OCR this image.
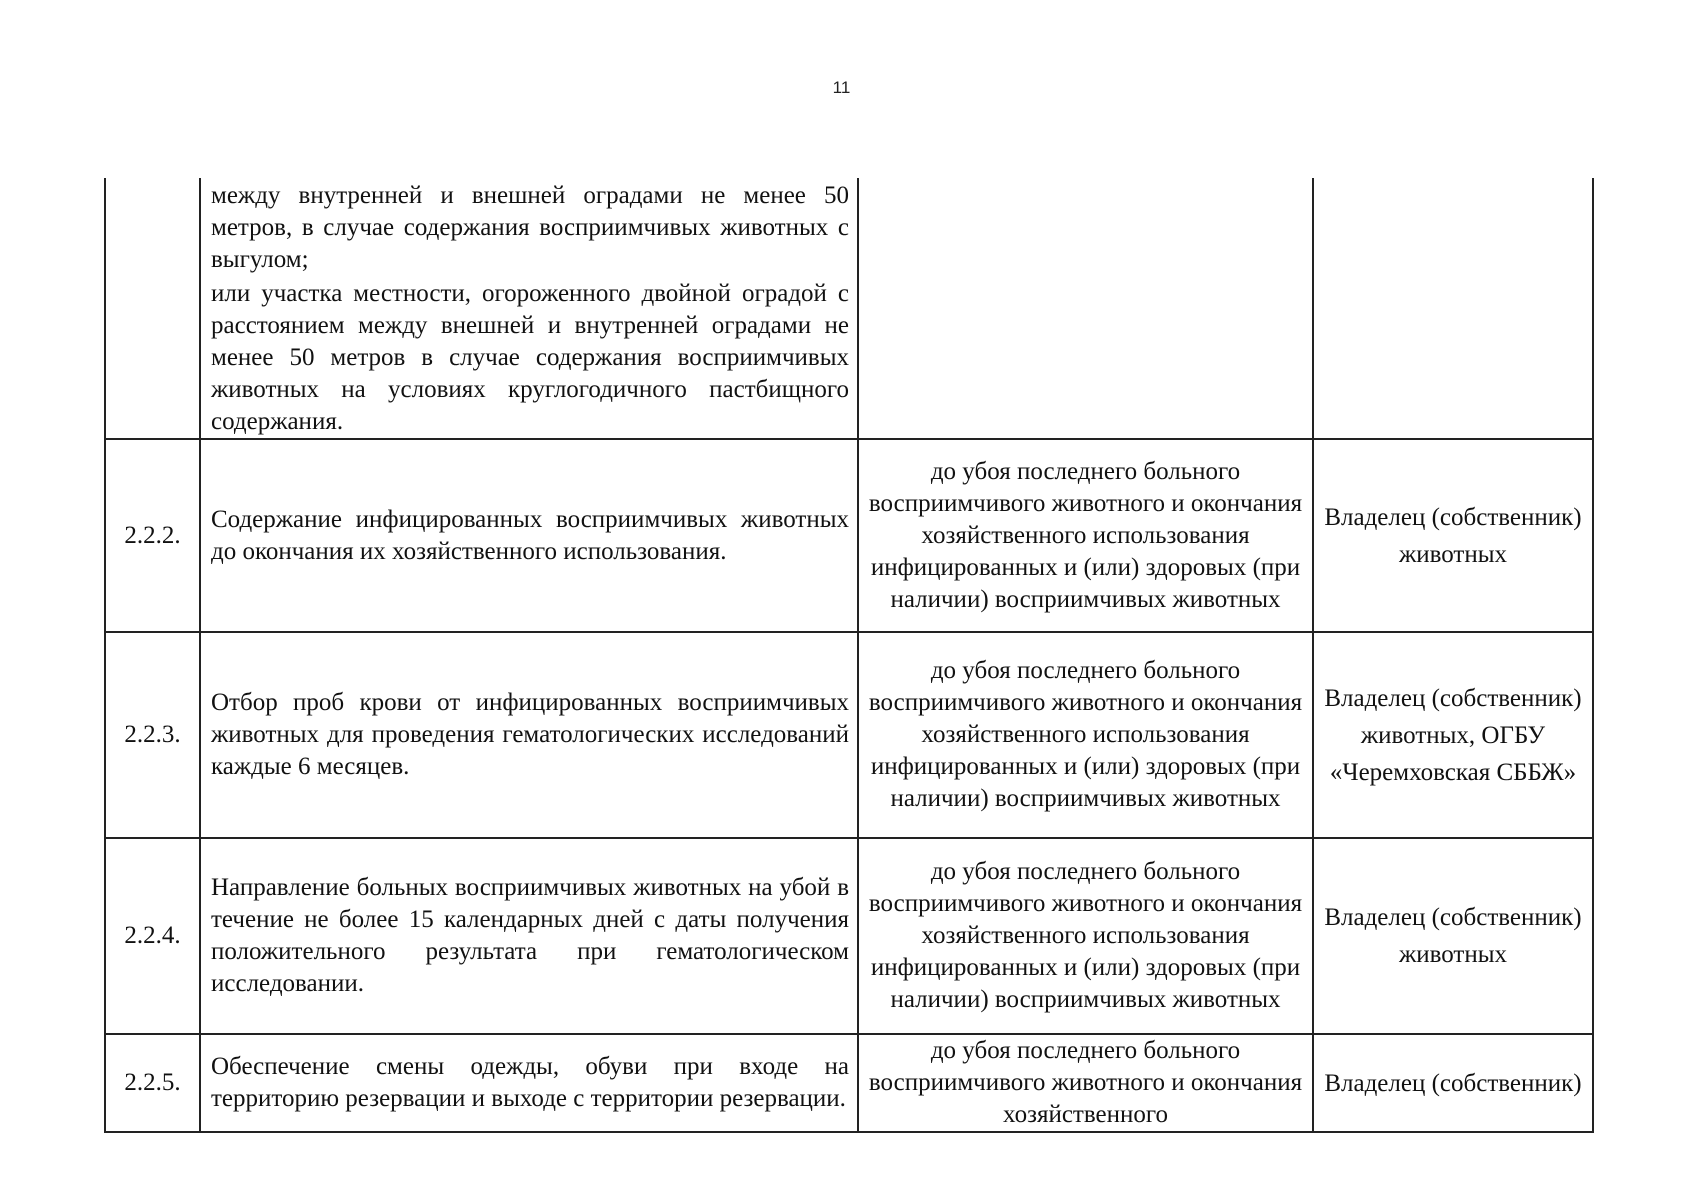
11

	между внутренней и внешней оградами не менее 50 метров, в случае содержания восприимчивых животных с выгулом;
или участка местности, огороженного двойной оградой с расстоянием между внешней и внутренней оградами не менее 50 метров в случае содержания восприимчивых животных на условиях круглогодичного пастбищного содержания.		

2.2.2.	Содержание инфицированных восприимчивых животных до окончания их хозяйственного использования.	до убоя последнего больного восприимчивого животного и окончания хозяйственного использования инфицированных и (или) здоровых (при наличии) восприимчивых животных	Владелец (собственник) животных
2.2.3.	Отбор проб крови от инфицированных восприимчивых животных для проведения гематологических исследований каждые 6 месяцев.	до убоя последнего больного восприимчивого животного и окончания хозяйственного использования инфицированных и (или) здоровых (при наличии) восприимчивых животных	Владелец (собственник) животных, ОГБУ «Черемховская СББЖ»
2.2.4.	Направление больных восприимчивых животных на убой в течение не более 15 календарных дней с даты получения положительного результата при гематологическом исследовании.	до убоя последнего больного восприимчивого животного и окончания хозяйственного использования инфицированных и (или) здоровых (при наличии) восприимчивых животных	Владелец (собственник) животных
2.2.5.	Обеспечение смены одежды, обуви при входе на территорию резервации и выходе с территории резервации.	до убоя последнего больного восприимчивого животного и окончания хозяйственного	Владелец (собственник)
